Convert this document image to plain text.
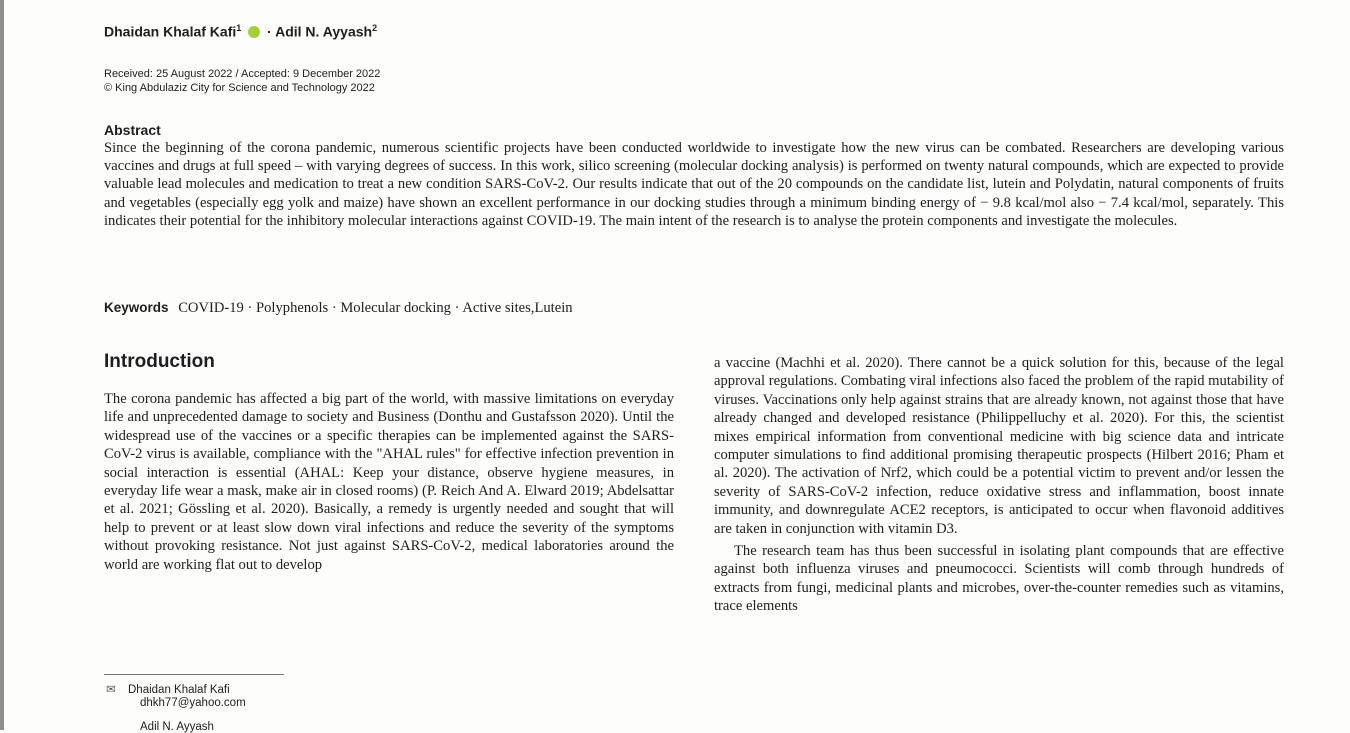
Dhaidan Khalaf Kafi$^1$ · Adil N. Ayyash$^2$
Received: 25 August 2022 / Accepted: 9 December 2022
© King Abdulaziz City for Science and Technology 2022
Abstract
Since the beginning of the corona pandemic, numerous scientific projects have been conducted worldwide to investigate how the new virus can be combated. Researchers are developing various vaccines and drugs at full speed – with varying degrees of success. In this work, silico screening (molecular docking analysis) is performed on twenty natural compounds, which are expected to provide valuable lead molecules and medication to treat a new condition SARS-CoV-2. Our results indicate that out of the 20 compounds on the candidate list, lutein and Polydatin, natural components of fruits and vegetables (especially egg yolk and maize) have shown an excellent performance in our docking studies through a minimum binding energy of − 9.8 kcal/mol also − 7.4 kcal/mol, separately. This indicates their potential for the inhibitory molecular interactions against COVID-19. The main intent of the research is to analyse the protein components and investigate the molecules.
Keywords COVID-19 · Polyphenols · Molecular docking · Active sites,Lutein
Introduction

The corona pandemic has affected a big part of the world, with massive limitations on everyday life and unprecedented damage to society and Business (Donthu and Gustafsson 2020). Until the widespread use of the vaccines or a specific therapies can be implemented against the SARS-CoV-2 virus is available, compliance with the "AHAL rules" for effective infection prevention in social interaction is essential (AHAL: Keep your distance, observe hygiene measures, in everyday life wear a mask, make air in closed rooms) (P. Reich And A. Elward 2019; Abdelsattar et al. 2021; Gössling et al. 2020). Basically, a remedy is urgently needed and sought that will help to prevent or at least slow down viral infections and reduce the severity of the symptoms without provoking resistance. Not just against SARS-CoV-2, medical laboratories around the world are working flat out to develop

a vaccine (Machhi et al. 2020). There cannot be a quick solution for this, because of the legal approval regulations. Combating viral infections also faced the problem of the rapid mutability of viruses. Vaccinations only help against strains that are already known, not against those that have already changed and developed resistance (Philippelluchy et al. 2020). For this, the scientist mixes empirical information from conventional medicine with big science data and intricate computer simulations to find additional promising therapeutic prospects (Hilbert 2016; Pham et al. 2020). The activation of Nrf2, which could be a potential victim to prevent and/or lessen the severity of SARS-CoV-2 infection, reduce oxidative stress and inflammation, boost innate immunity, and downregulate ACE2 receptors, is anticipated to occur when flavonoid additives are taken in conjunction with vitamin D3.

The research team has thus been successful in isolating plant compounds that are effective against both influenza viruses and pneumococci. Scientists will comb through hundreds of extracts from fungi, medicinal plants and microbes, over-the-counter remedies such as vitamins, trace elements

✉ Dhaidan Khalaf Kafi
dhkh77@yahoo.com
Adil N. Ayyash
